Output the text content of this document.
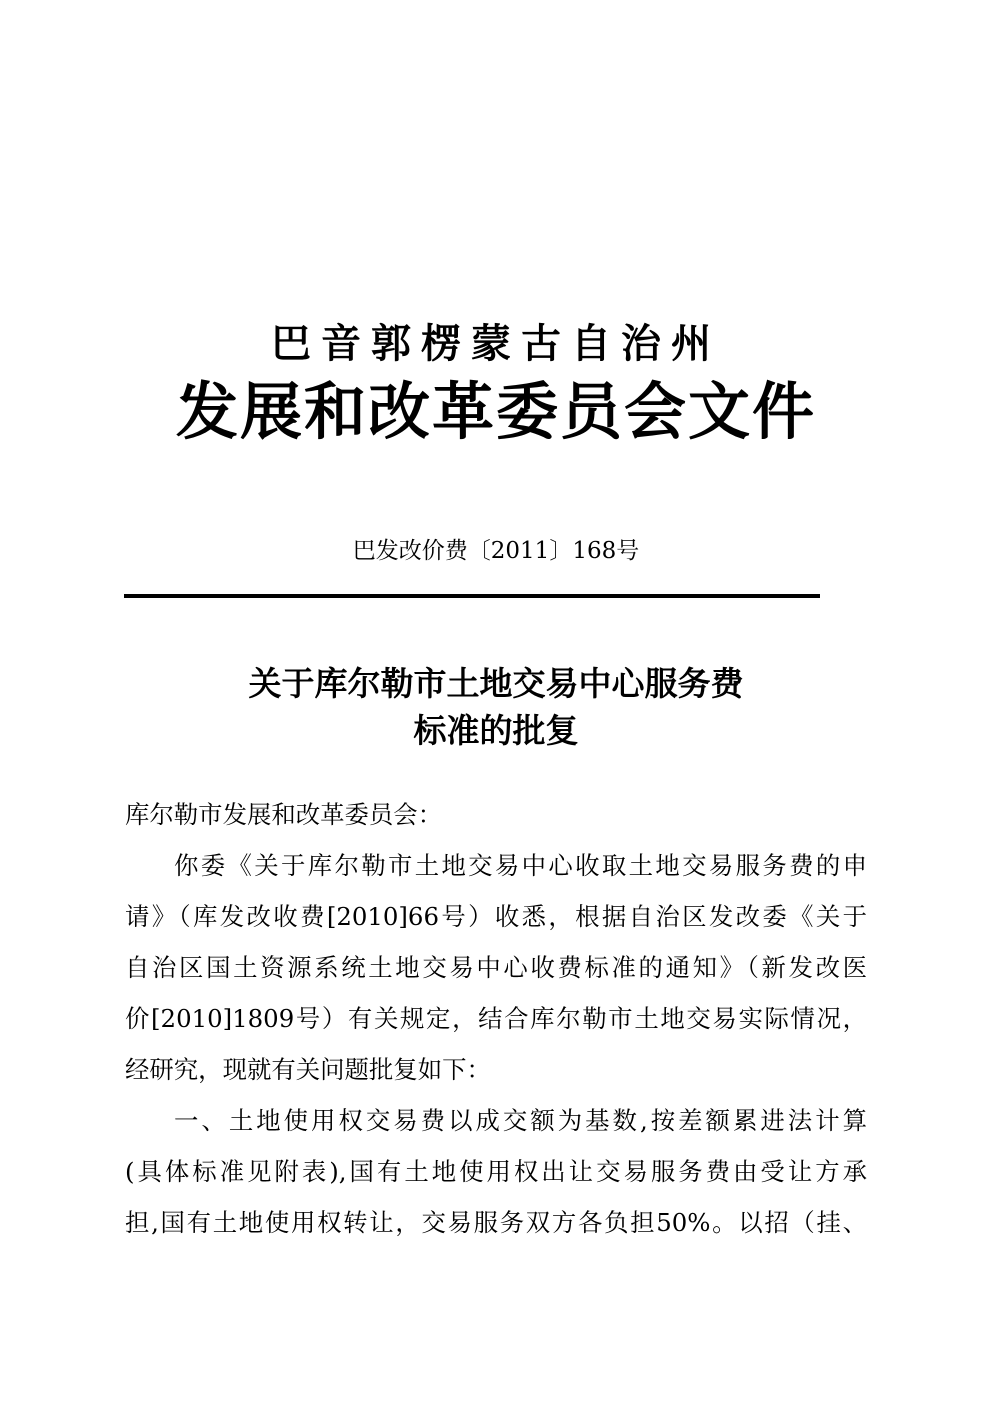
巴音郭楞蒙古自治州
发展和改革委员会文件
巴发改价费〔2011〕168号
关于库尔勒市土地交易中心服务费
标准的批复
库尔勒市发展和改革委员会：
你委《关于库尔勒市土地交易中心收取土地交易服务费的申
请》（库发改收费[2010]66号）收悉，根据自治区发改委《关于
自治区国土资源系统土地交易中心收费标准的通知》（新发改医
价[2010]1809号）有关规定，结合库尔勒市土地交易实际情况，
经研究，现就有关问题批复如下：
一、土地使用权交易费以成交额为基数,按差额累进法计算
(具体标准见附表),国有土地使用权出让交易服务费由受让方承
担,国有土地使用权转让，交易服务双方各负担50%。以招（挂、
